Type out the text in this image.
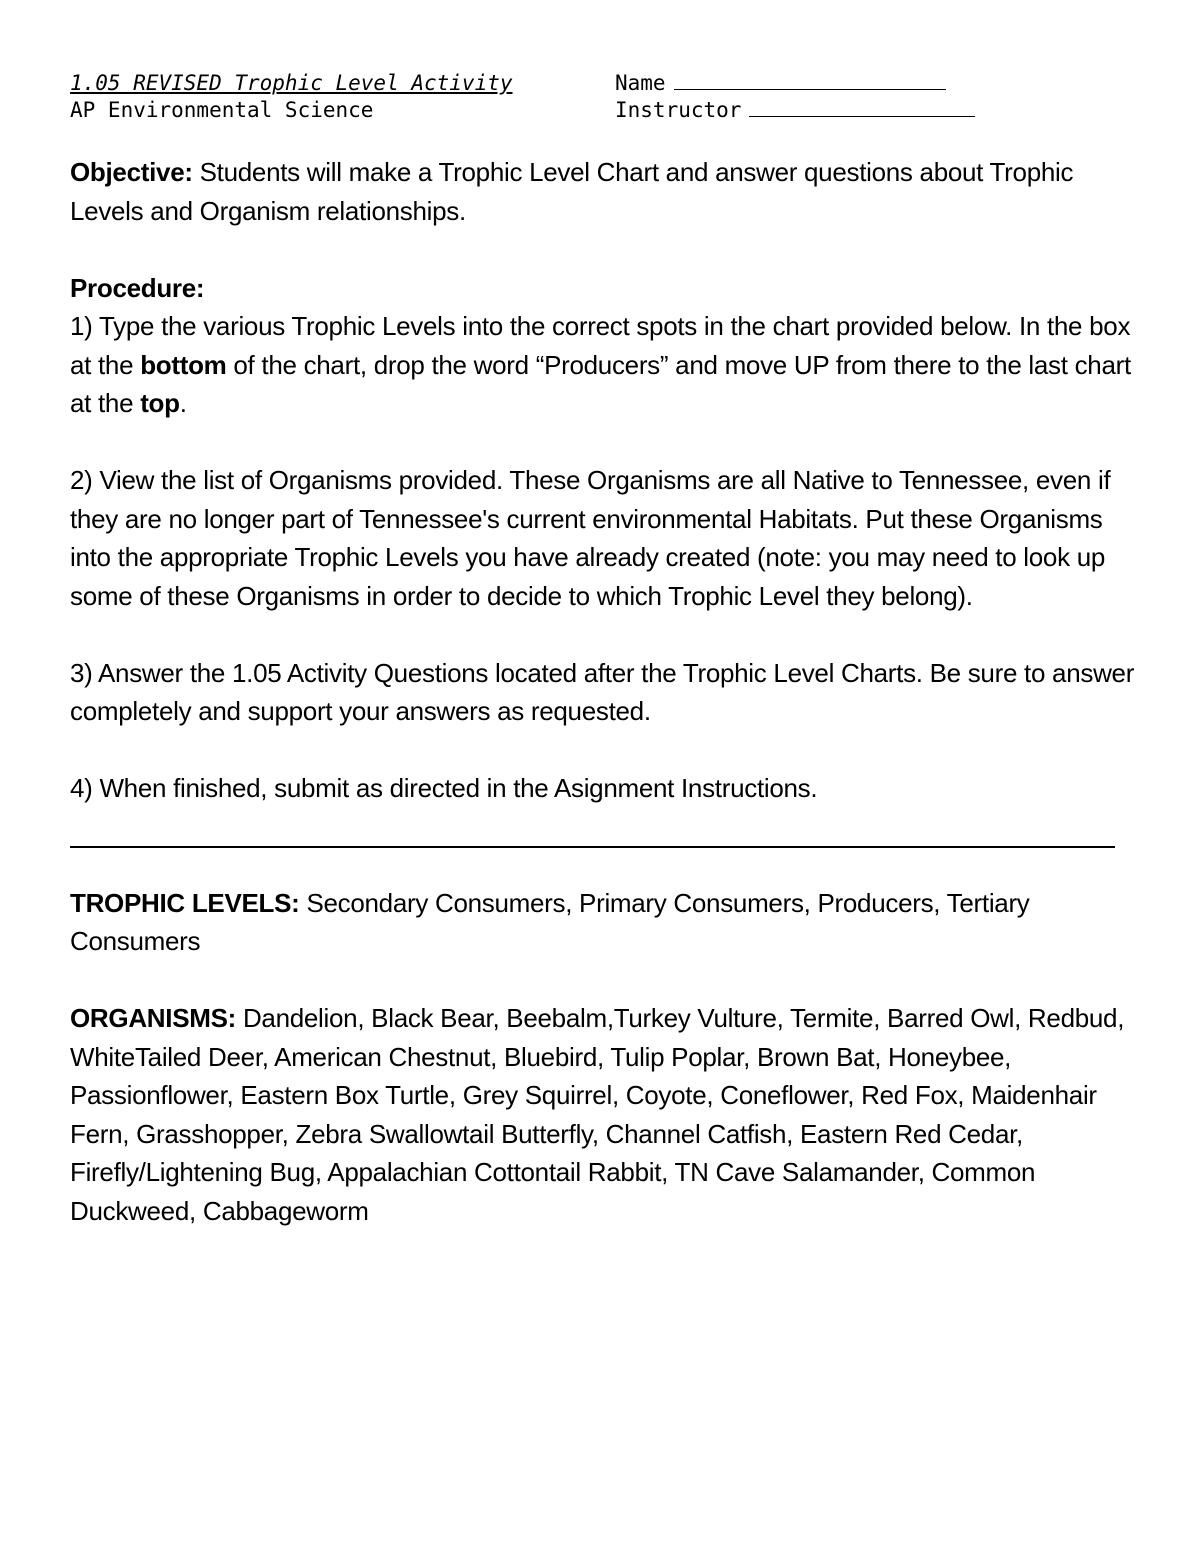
1.05 REVISED Trophic Level Activity	Name
AP Environmental Science	Instructor

Objective: Students will make a Trophic Level Chart and answer questions about Trophic Levels and Organism relationships.

Procedure:

1) Type the various Trophic Levels into the correct spots in the chart provided below. In the box at the bottom of the chart, drop the word “Producers” and move UP from there to the last chart at the top.

2) View the list of Organisms provided. These Organisms are all Native to Tennessee, even if they are no longer part of Tennessee's current environmental Habitats. Put these Organisms into the appropriate Trophic Levels you have already created (note: you may need to look up some of these Organisms in order to decide to which Trophic Level they belong).

3) Answer the 1.05 Activity Questions located after the Trophic Level Charts. Be sure to answer completely and support your answers as requested.

4) When finished, submit as directed in the Asignment Instructions.

TROPHIC LEVELS: Secondary Consumers, Primary Consumers, Producers, Tertiary Consumers

ORGANISMS: Dandelion, Black Bear, Beebalm,Turkey Vulture, Termite, Barred Owl, Redbud, WhiteTailed Deer, American Chestnut, Bluebird, Tulip Poplar, Brown Bat, Honeybee, Passionflower, Eastern Box Turtle, Grey Squirrel, Coyote, Coneflower, Red Fox, Maidenhair Fern, Grasshopper, Zebra Swallowtail Butterfly, Channel Catfish, Eastern Red Cedar, Firefly/Lightening Bug, Appalachian Cottontail Rabbit, TN Cave Salamander, Common Duckweed, Cabbageworm
